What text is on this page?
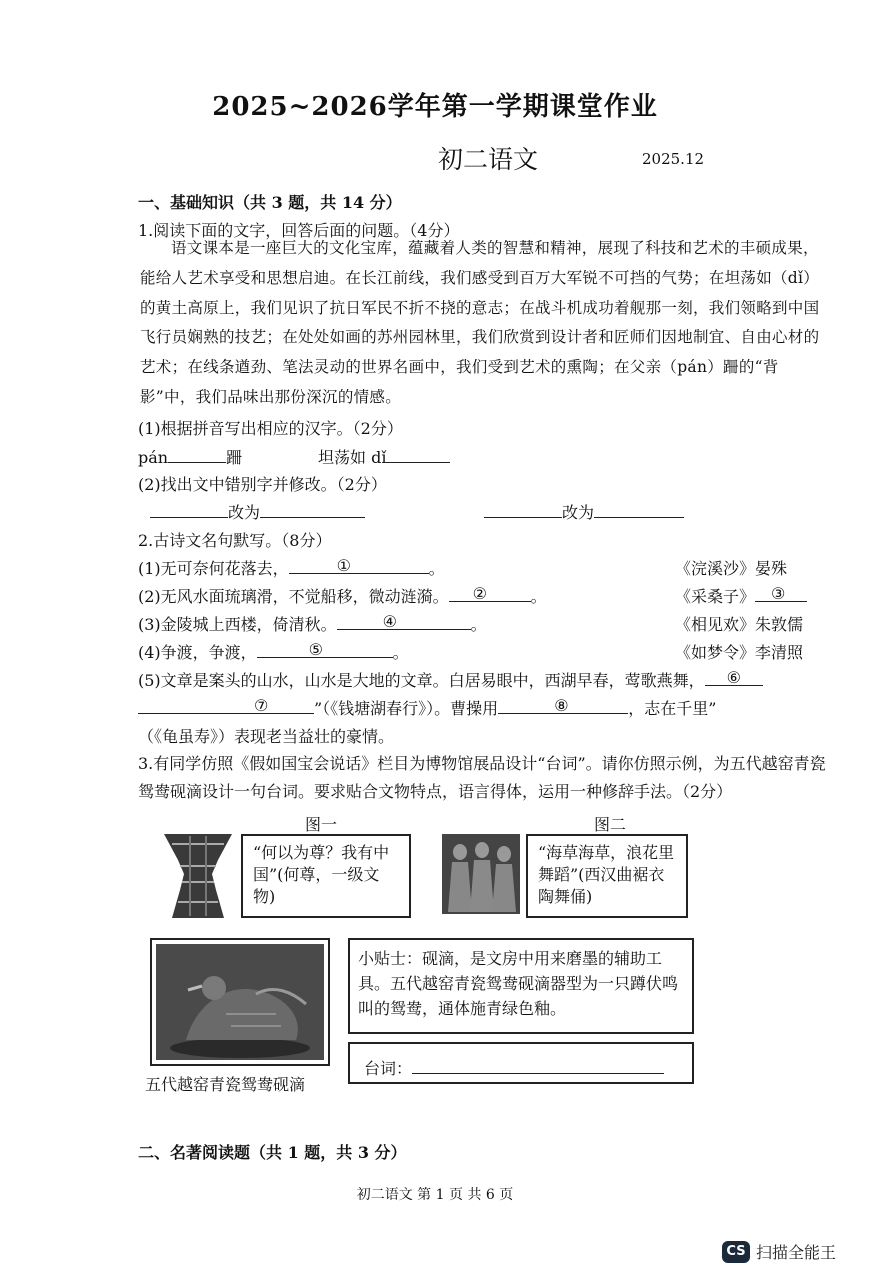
2025~2026学年第一学期课堂作业
初二语文	2025.12
一、基础知识（共 3 题，共 14 分）
1.阅读下面的文字，回答后面的问题。（4分）
语文课本是一座巨大的文化宝库，蕴藏着人类的智慧和精神，展现了科技和艺术的丰硕成果，能给人艺术享受和思想启迪。在长江前线，我们感受到百万大军锐不可挡的气势；在坦荡如（dǐ）的黄土高原上，我们见识了抗日军民不折不挠的意志；在战斗机成功着舰那一刻，我们领略到中国飞行员娴熟的技艺；在处处如画的苏州园林里，我们欣赏到设计者和匠师们因地制宜、自由心材的艺术；在线条遒劲、笔法灵动的世界名画中，我们受到艺术的熏陶；在父亲（pán）跚的“背影”中，我们品味出那份深沉的情感。
(1)根据拼音写出相应的汉字。（2分）
pán	跚	坦荡如 dǐ
(2)找出文中错别字并修改。（2分）
改为	改为
2.古诗文名句默写。（8分）
(1)无可奈何花落去，	①	。	《浣溪沙》晏殊
(2)无风水面琉璃滑，不觉船移，微动涟漪。 ②	。	《采桑子》 ③
(3)金陵城上西楼，倚清秋。	④	。	《相见欢》朱敦儒
(4)争渡，争渡，	⑤	。	《如梦令》李清照
(5)文章是案头的山水，山水是大地的文章。白居易眼中，西湖早春，莺歌燕舞， ⑥
⑦	”（《钱塘湖春行》）。曹操用	⑧	，志在千里”
（《龟虽寿》）表现老当益壮的豪情。
3.有同学仿照《假如国宝会说话》栏目为博物馆展品设计“台词”。请你仿照示例，为五代越窑青瓷鸳鸯砚滴设计一句台词。要求贴合文物特点，语言得体，运用一种修辞手法。（2分）
图一	图二
“何以为尊？我有中国”(何尊，一级文物)
“海草海草，浪花里舞蹈”(西汉曲裾衣陶舞俑)
五代越窑青瓷鸳鸯砚滴
小贴士：砚滴，是文房中用来磨墨的辅助工具。五代越窑青瓷鸳鸯砚滴器型为一只蹲伏鸣叫的鸳鸯，通体施青绿色釉。
台词：
二、名著阅读题（共 1 题，共 3 分）
初二语文 第 1 页 共 6 页
CS 扫描全能王
